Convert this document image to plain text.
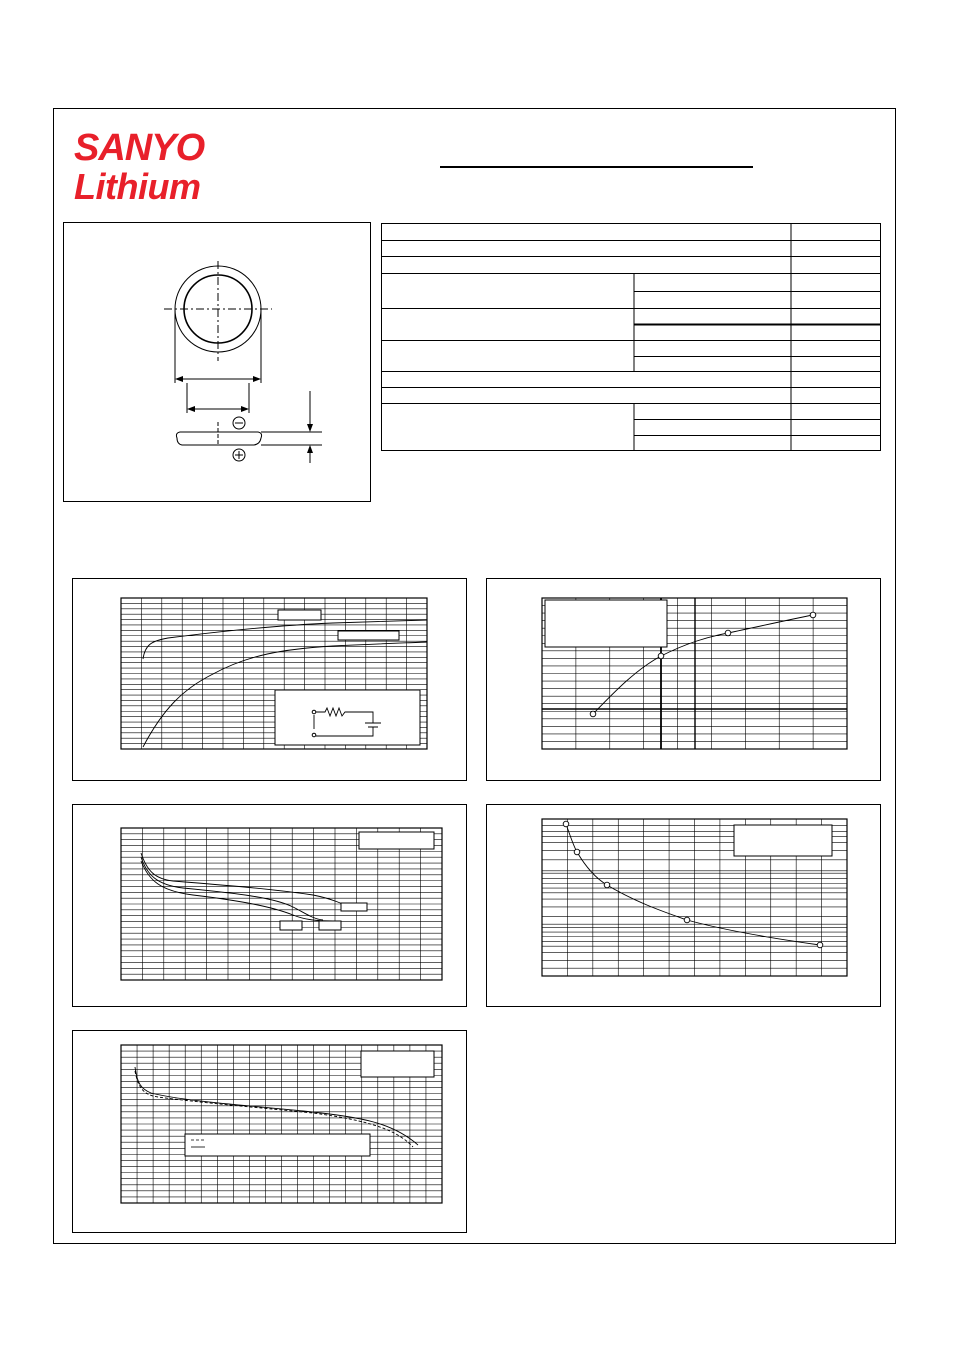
SANYO
Lithium
